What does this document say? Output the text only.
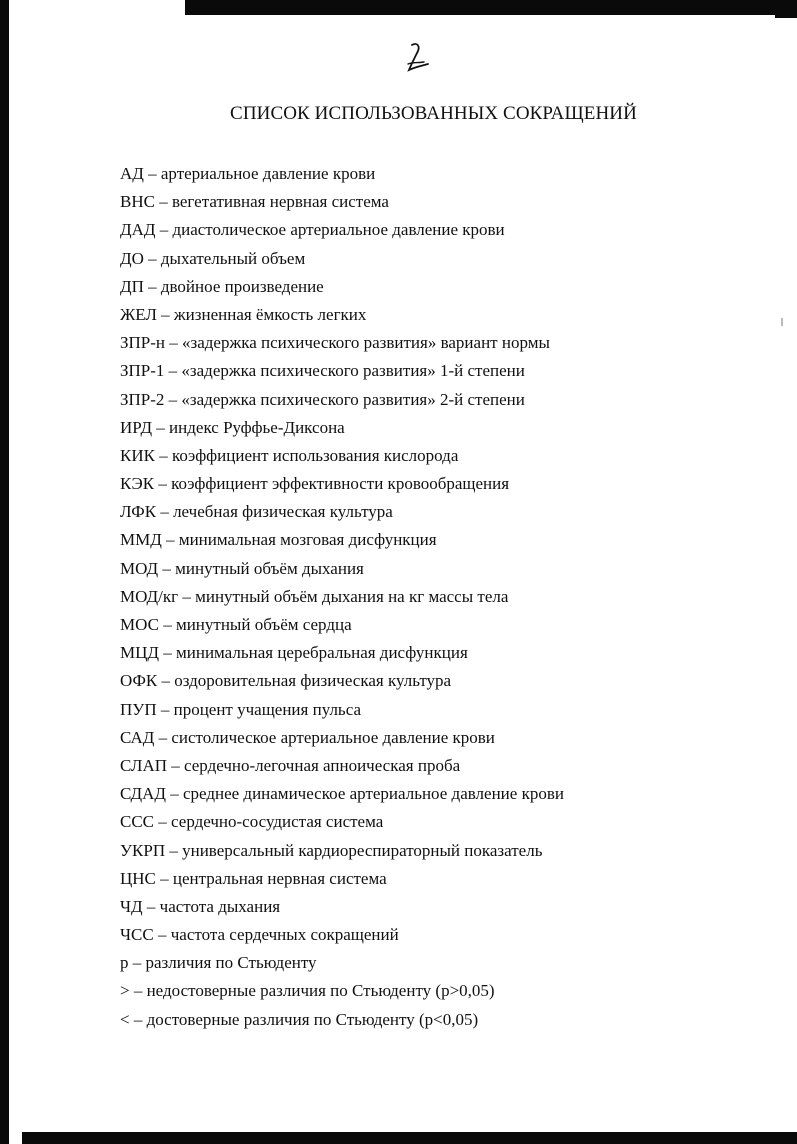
СПИСОК ИСПОЛЬЗОВАННЫХ СОКРАЩЕНИЙ
АД – артериальное давление крови
ВНС – вегетативная нервная система
ДАД – диастолическое артериальное давление крови
ДО – дыхательный объем
ДП – двойное произведение
ЖЕЛ – жизненная ёмкость легких
ЗПР-н – «задержка психического развития» вариант нормы
ЗПР-1 – «задержка психического развития» 1-й степени
ЗПР-2 – «задержка психического развития» 2-й степени
ИРД – индекс Руффье-Диксона
КИК – коэффициент использования кислорода
КЭК – коэффициент эффективности кровообращения
ЛФК – лечебная физическая культура
ММД – минимальная мозговая дисфункция
МОД – минутный объём дыхания
МОД/кг – минутный объём дыхания на кг массы тела
МОС – минутный объём сердца
МЦД – минимальная церебральная дисфункция
ОФК – оздоровительная физическая культура
ПУП – процент учащения пульса
САД – систолическое артериальное давление крови
СЛАП – сердечно-легочная апноическая проба
СДАД – среднее динамическое артериальное давление крови
ССС – сердечно-сосудистая система
УКРП – универсальный кардиореспираторный показатель
ЦНС – центральная нервная система
ЧД – частота дыхания
ЧСС – частота сердечных сокращений
р – различия по Стьюденту
> – недостоверные различия по Стьюденту (p>0,05)
< – достоверные различия по Стьюденту (p<0,05)
